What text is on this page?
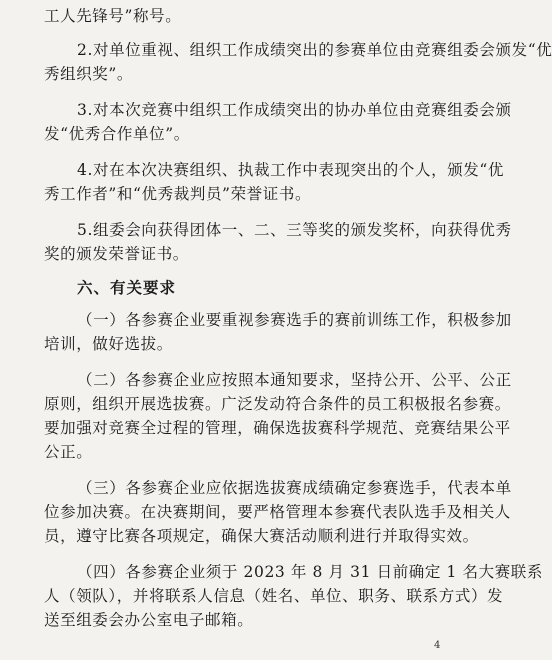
工人先锋号”称号。
2.对单位重视、组织工作成绩突出的参赛单位由竞赛组委会颁发“优
秀组织奖”。
3.对本次竞赛中组织工作成绩突出的协办单位由竞赛组委会颁
发“优秀合作单位”。
4.对在本次决赛组织、执裁工作中表现突出的个人，颁发“优
秀工作者”和“优秀裁判员”荣誉证书。
5.组委会向获得团体一、二、三等奖的颁发奖杯，向获得优秀
奖的颁发荣誉证书。
六、有关要求
（一）各参赛企业要重视参赛选手的赛前训练工作，积极参加
培训，做好选拔。
（二）各参赛企业应按照本通知要求，坚持公开、公平、公正
原则，组织开展选拔赛。广泛发动符合条件的员工积极报名参赛。
要加强对竞赛全过程的管理，确保选拔赛科学规范、竞赛结果公平
公正。
（三）各参赛企业应依据选拔赛成绩确定参赛选手，代表本单
位参加决赛。在决赛期间，要严格管理本参赛代表队选手及相关人
员，遵守比赛各项规定，确保大赛活动顺利进行并取得实效。
（四）各参赛企业须于 2023 年 8 月 31 日前确定 1 名大赛联系
人（领队），并将联系人信息（姓名、单位、职务、联系方式）发
送至组委会办公室电子邮箱。
4
